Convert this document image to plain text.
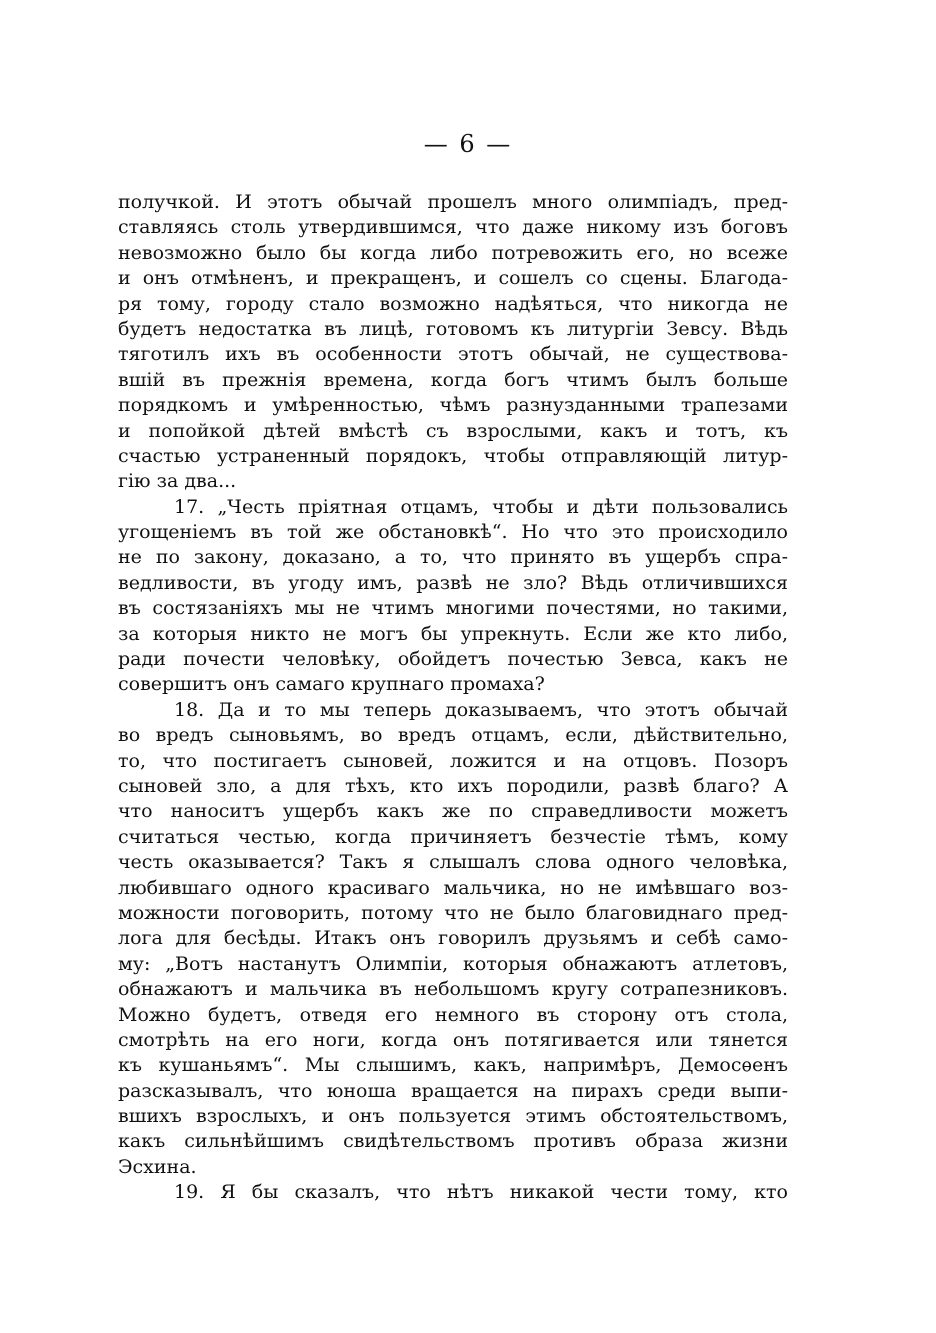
— 6 —
получкой. И этотъ обычай прошелъ много олимпiадъ, пред-
ставляясь столь утвердившимся, что даже никому изъ боговъ
невозможно было бы когда либо потревожить его, но всеже
и онъ отмѣненъ, и прекращенъ, и сошелъ со сцены. Благода-
ря тому, городу стало возможно надѣяться, что никогда не
будетъ недостатка въ лицѣ, готовомъ къ литургiи Зевсу. Вѣдь
тяготилъ ихъ въ особенности этотъ обычай, не существова-
вшiй въ прежнiя времена, когда богъ чтимъ былъ больше
порядкомъ и умѣренностью, чѣмъ разнузданными трапезами
и попойкой дѣтей вмѣстѣ съ взрослыми, какъ и тотъ, къ
счастью устраненный порядокъ, чтобы отправляющiй литур-
гiю за два...
17. „Честь прiятная отцамъ, чтобы и дѣти пользовались
угощенiемъ въ той же обстановкѣ“. Но что это происходило
не по закону, доказано, а то, что принято въ ущербъ спра-
ведливости, въ угоду имъ, развѣ не зло? Вѣдь отличившихся
въ состязанiяхъ мы не чтимъ многими почестями, но такими,
за которыя никто не могъ бы упрекнуть. Если же кто либо,
ради почести человѣку, обойдетъ почестью Зевса, какъ не
совершитъ онъ самаго крупнаго промаха?
18. Да и то мы теперь доказываемъ, что этотъ обычай
во вредъ сыновьямъ, во вредъ отцамъ, если, дѣйствительно,
то, что постигаетъ сыновей, ложится и на отцовъ. Позоръ
сыновей зло, а для тѣхъ, кто ихъ породили, развѣ благо? А
что наноситъ ущербъ какъ же по справедливости можетъ
считаться честью, когда причиняетъ безчестiе тѣмъ, кому
честь оказывается? Такъ я слышалъ слова одного человѣка,
любившаго одного красиваго мальчика, но не имѣвшаго воз-
можности поговорить, потому что не было благовиднаго пред-
лога для бесѣды. Итакъ онъ говорилъ друзьямъ и себѣ само-
му: „Вотъ настанутъ Олимпiи, которыя обнажаютъ атлетовъ,
обнажаютъ и мальчика въ небольшомъ кругу сотрапезниковъ.
Можно будетъ, отведя его немного въ сторону отъ стола,
смотрѣть на его ноги, когда онъ потягивается или тянется
къ кушаньямъ“. Мы слышимъ, какъ, напримѣръ, Демосѳенъ
разсказывалъ, что юноша вращается на пирахъ среди выпи-
вшихъ взрослыхъ, и онъ пользуется этимъ обстоятельствомъ,
какъ сильнѣйшимъ свидѣтельствомъ противъ образа жизни
Эсхина.
19. Я бы сказалъ, что нѣтъ никакой чести тому, кто
